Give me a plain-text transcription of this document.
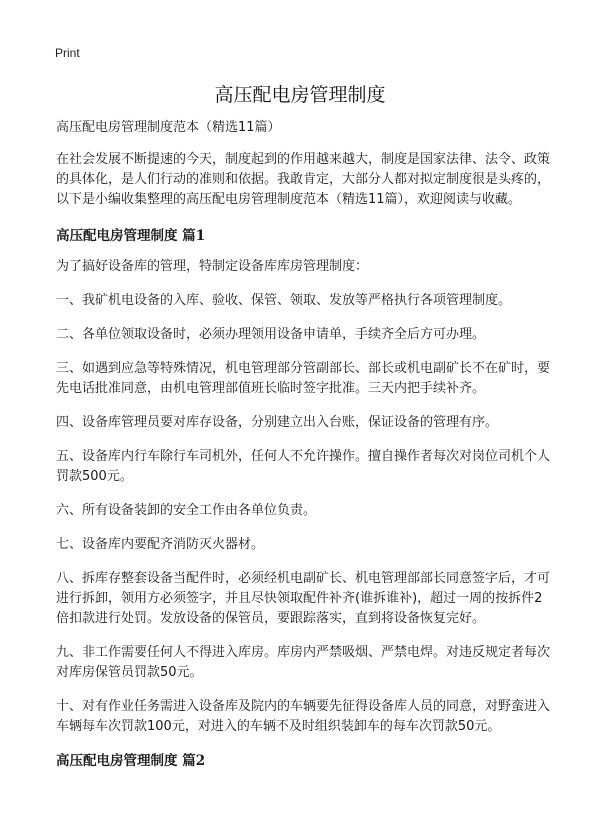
Print
高压配电房管理制度

高压配电房管理制度范本（精选11篇）

在社会发展不断提速的今天，制度起到的作用越来越大，制度是国家法律、法令、政策的具体化，是人们行动的准则和依据。我敢肯定，大部分人都对拟定制度很是头疼的，以下是小编收集整理的高压配电房管理制度范本（精选11篇），欢迎阅读与收藏。

高压配电房管理制度 篇1

为了搞好设备库的管理，特制定设备库库房管理制度：

一、我矿机电设备的入库、验收、保管、领取、发放等严格执行各项管理制度。

二、各单位领取设备时，必须办理领用设备申请单，手续齐全后方可办理。

三、如遇到应急等特殊情况，机电管理部分管副部长、部长或机电副矿长不在矿时，要先电话批准同意，由机电管理部值班长临时签字批准。三天内把手续补齐。

四、设备库管理员要对库存设备，分别建立出入台账，保证设备的管理有序。

五、设备库内行车除行车司机外，任何人不允许操作。擅自操作者每次对岗位司机个人罚款500元。

六、所有设备装卸的安全工作由各单位负责。

七、设备库内要配齐消防灭火器材。

八、拆库存整套设备当配件时，必须经机电副矿长、机电管理部部长同意签字后，才可进行拆卸，领用方必须签字，并且尽快领取配件补齐(谁拆谁补)，超过一周的按拆件2倍扣款进行处罚。发放设备的保管员，要跟踪落实，直到将设备恢复完好。

九、非工作需要任何人不得进入库房。库房内严禁吸烟、严禁电焊。对违反规定者每次对库房保管员罚款50元。

十、对有作业任务需进入设备库及院内的车辆要先征得设备库人员的同意，对野蛮进入车辆每车次罚款100元，对进入的车辆不及时组织装卸车的每车次罚款50元。

高压配电房管理制度 篇2
